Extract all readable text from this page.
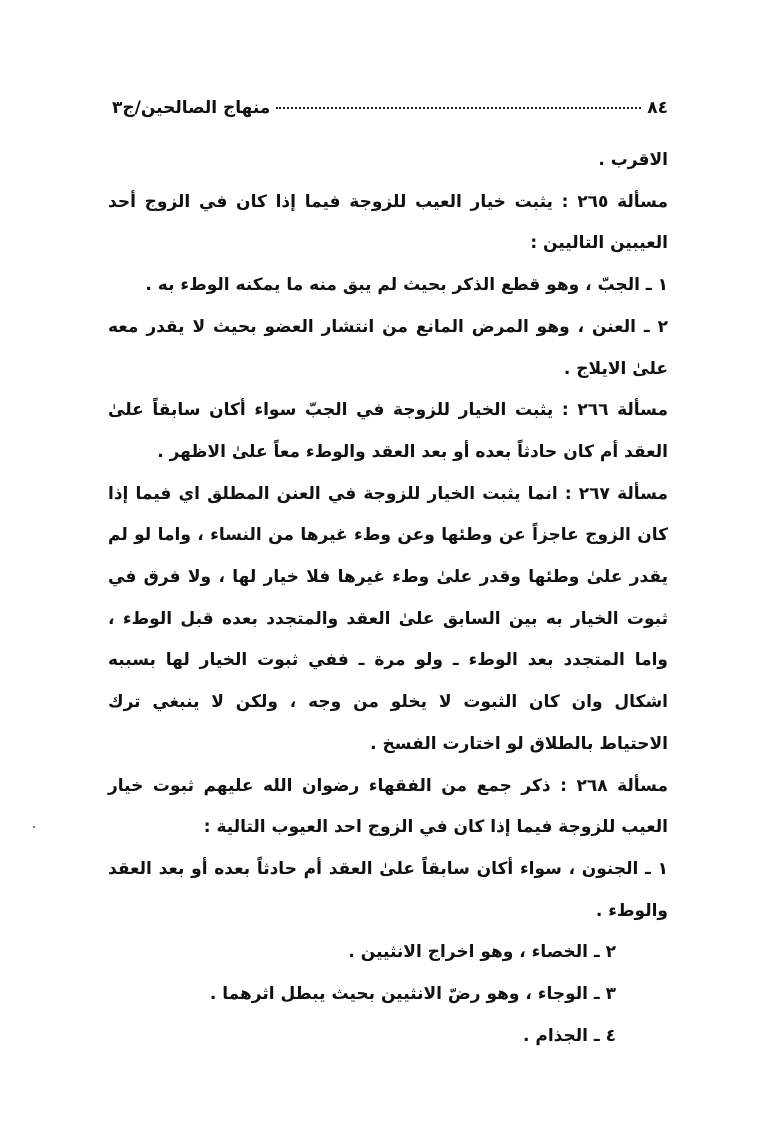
٨٤
منهاج الصالحين/ج٣

الاقرب .

مسألة ٢٦٥ : يثبت خيار العيب للزوجة فيما إذا كان في الزوج أحد العيبين التاليين :

١ ـ الجبّ ، وهو قطع الذكر بحيث لم يبق منه ما يمكنه الوطء به .

٢ ـ العنن ، وهو المرض المانع من انتشار العضو بحيث لا يقدر معه علىٰ الايلاج .

مسألة ٢٦٦ : يثبت الخيار للزوجة في الجبّ سواء أكان سابقاً علىٰ العقد أم كان حادثاً بعده أو بعد العقد والوطء معاً علىٰ الاظهر .

مسألة ٢٦٧ : انما يثبت الخيار للزوجة في العنن المطلق اي فيما إذا كان الزوج عاجزاً عن وطئها وعن وطء غيرها من النساء ، واما لو لم يقدر علىٰ وطئها وقدر علىٰ وطء غيرها فلا خيار لها ، ولا فرق في ثبوت الخيار به بين السابق علىٰ العقد والمتجدد بعده قبل الوطء ، واما المتجدد بعد الوطء ـ ولو مرة ـ ففي ثبوت الخيار لها بسببه اشكال وان كان الثبوت لا يخلو من وجه ، ولكن لا ينبغي ترك الاحتياط بالطلاق لو اختارت الفسخ .

مسألة ٢٦٨ : ذكر جمع من الفقهاء رضوان الله عليهم ثبوت خيار العيب للزوجة فيما إذا كان في الزوج احد العيوب التالية :

١ ـ الجنون ، سواء أكان سابقاً علىٰ العقد أم حادثاً بعده أو بعد العقد والوطء .

٢ ـ الخصاء ، وهو اخراج الانثيين .

٣ ـ الوجاء ، وهو رضّ الانثيين بحيث يبطل اثرهما .

٤ ـ الجذام .
